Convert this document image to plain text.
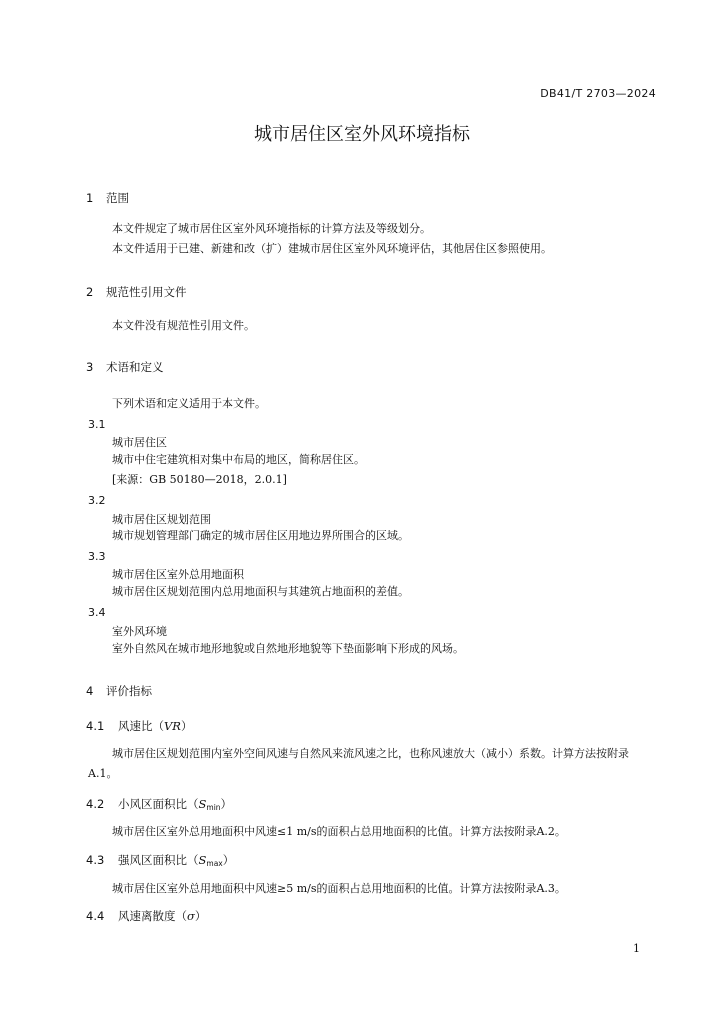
DB41/T 2703—2024
城市居住区室外风环境指标
1 范围
本文件规定了城市居住区室外风环境指标的计算方法及等级划分。
本文件适用于已建、新建和改（扩）建城市居住区室外风环境评估，其他居住区参照使用。
2 规范性引用文件
本文件没有规范性引用文件。
3 术语和定义
下列术语和定义适用于本文件。
3.1
城市居住区
城市中住宅建筑相对集中布局的地区，简称居住区。
[来源：GB 50180—2018，2.0.1]
3.2
城市居住区规划范围
城市规划管理部门确定的城市居住区用地边界所围合的区域。
3.3
城市居住区室外总用地面积
城市居住区规划范围内总用地面积与其建筑占地面积的差值。
3.4
室外风环境
室外自然风在城市地形地貌或自然地形地貌等下垫面影响下形成的风场。
4 评价指标
4.1 风速比（VR）
城市居住区规划范围内室外空间风速与自然风来流风速之比，也称风速放大（减小）系数。计算方法按附录A.1。
4.2 小风区面积比$(S_{min})$
城市居住区室外总用地面积中风速≤1 m/s的面积占总用地面积的比值。计算方法按附录A.2。
4.3 强风区面积比$(S_{max})$
城市居住区室外总用地面积中风速≥5 m/s的面积占总用地面积的比值。计算方法按附录A.3。
4.4 风速离散度（σ）
1
